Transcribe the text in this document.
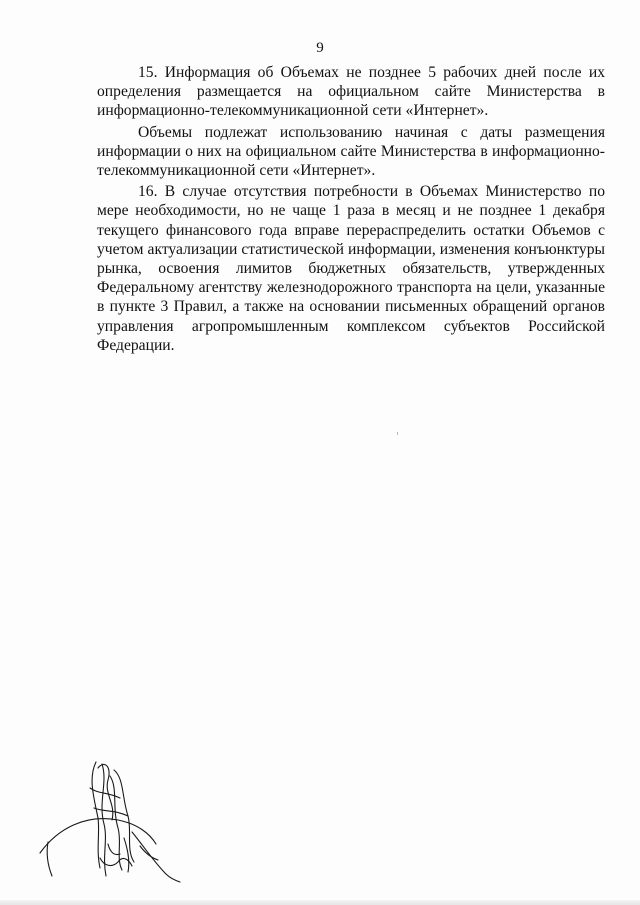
9

15. Информация об Объемах не позднее 5 рабочих дней после их определения размещается на официальном сайте Министерства в информационно-телекоммуникационной сети «Интернет».

Объемы подлежат использованию начиная с даты размещения информации о них на официальном сайте Министерства в информационно-телекоммуникационной сети «Интернет».

16. В случае отсутствия потребности в Объемах Министерство по мере необходимости, но не чаще 1 раза в месяц и не позднее 1 декабря текущего финансового года вправе перераспределить остатки Объемов с учетом актуализации статистической информации, изменения конъюнктуры рынка, освоения лимитов бюджетных обязательств, утвержденных Федеральному агентству железнодорожного транспорта на цели, указанные в пункте 3 Правил, а также на основании письменных обращений органов управления агропромышленным комплексом субъектов Российской Федерации.
